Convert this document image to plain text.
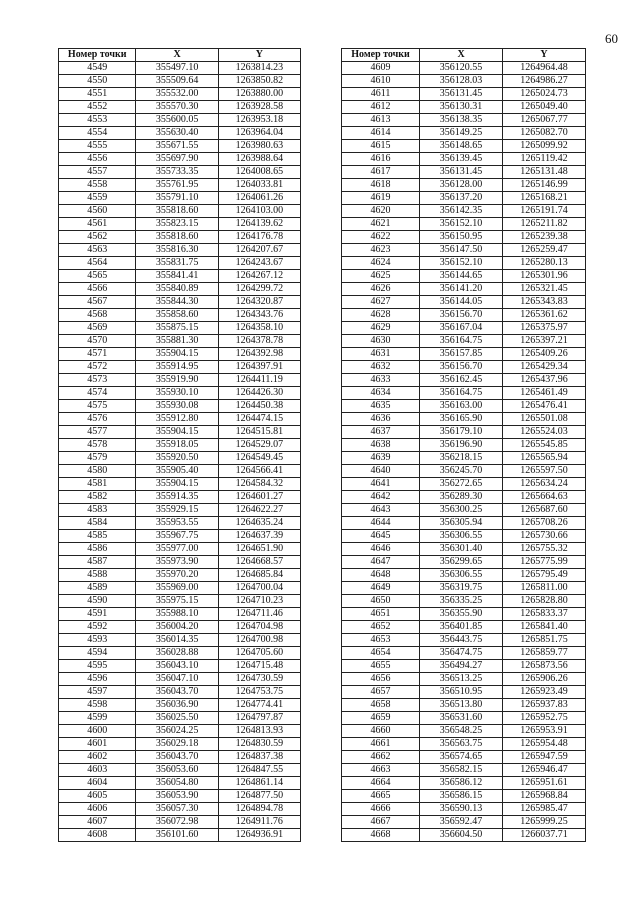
60
Номер точки	X	Y
4549	355497.10	1263814.23
4550	355509.64	1263850.82
4551	355532.00	1263880.00
4552	355570.30	1263928.58
4553	355600.05	1263953.18
4554	355630.40	1263964.04
4555	355671.55	1263980.63
4556	355697.90	1263988.64
4557	355733.35	1264008.65
4558	355761.95	1264033.81
4559	355791.10	1264061.26
4560	355818.60	1264103.00
4561	355823.15	1264139.62
4562	355818.60	1264176.78
4563	355816.30	1264207.67
4564	355831.75	1264243.67
4565	355841.41	1264267.12
4566	355840.89	1264299.72
4567	355844.30	1264320.87
4568	355858.60	1264343.76
4569	355875.15	1264358.10
4570	355881.30	1264378.78
4571	355904.15	1264392.98
4572	355914.95	1264397.91
4573	355919.90	1264411.19
4574	355930.10	1264426.30
4575	355930.08	1264450.38
4576	355912.80	1264474.15
4577	355904.15	1264515.81
4578	355918.05	1264529.07
4579	355920.50	1264549.45
4580	355905.40	1264566.41
4581	355904.15	1264584.32
4582	355914.35	1264601.27
4583	355929.15	1264622.27
4584	355953.55	1264635.24
4585	355967.75	1264637.39
4586	355977.00	1264651.90
4587	355973.90	1264668.57
4588	355970.20	1264685.84
4589	355969.00	1264700.04
4590	355975.15	1264710.23
4591	355988.10	1264711.46
4592	356004.20	1264704.98
4593	356014.35	1264700.98
4594	356028.88	1264705.60
4595	356043.10	1264715.48
4596	356047.10	1264730.59
4597	356043.70	1264753.75
4598	356036.90	1264774.41
4599	356025.50	1264797.87
4600	356024.25	1264813.93
4601	356029.18	1264830.59
4602	356043.70	1264837.38
4603	356053.60	1264847.55
4604	356054.80	1264861.14
4605	356053.90	1264877.50
4606	356057.30	1264894.78
4607	356072.98	1264911.76
4608	356101.60	1264936.91
Номер точки	X	Y
4609	356120.55	1264964.48
4610	356128.03	1264986.27
4611	356131.45	1265024.73
4612	356130.31	1265049.40
4613	356138.35	1265067.77
4614	356149.25	1265082.70
4615	356148.65	1265099.92
4616	356139.45	1265119.42
4617	356131.45	1265131.48
4618	356128.00	1265146.99
4619	356137.20	1265168.21
4620	356142.35	1265191.74
4621	356152.10	1265211.82
4622	356150.95	1265239.38
4623	356147.50	1265259.47
4624	356152.10	1265280.13
4625	356144.65	1265301.96
4626	356141.20	1265321.45
4627	356144.05	1265343.83
4628	356156.70	1265361.62
4629	356167.04	1265375.97
4630	356164.75	1265397.21
4631	356157.85	1265409.26
4632	356156.70	1265429.34
4633	356162.45	1265437.96
4634	356164.75	1265461.49
4635	356163.00	1265476.41
4636	356165.90	1265501.08
4637	356179.10	1265524.03
4638	356196.90	1265545.85
4639	356218.15	1265565.94
4640	356245.70	1265597.50
4641	356272.65	1265634.24
4642	356289.30	1265664.63
4643	356300.25	1265687.60
4644	356305.94	1265708.26
4645	356306.55	1265730.66
4646	356301.40	1265755.32
4647	356299.65	1265775.99
4648	356306.55	1265795.49
4649	356319.75	1265811.00
4650	356335.25	1265828.80
4651	356355.90	1265833.37
4652	356401.85	1265841.40
4653	356443.75	1265851.75
4654	356474.75	1265859.77
4655	356494.27	1265873.56
4656	356513.25	1265906.26
4657	356510.95	1265923.49
4658	356513.80	1265937.83
4659	356531.60	1265952.75
4660	356548.25	1265953.91
4661	356563.75	1265954.48
4662	356574.65	1265947.59
4663	356582.15	1265946.47
4664	356586.12	1265951.61
4665	356586.15	1265968.84
4666	356590.13	1265985.47
4667	356592.47	1265999.25
4668	356604.50	1266037.71
